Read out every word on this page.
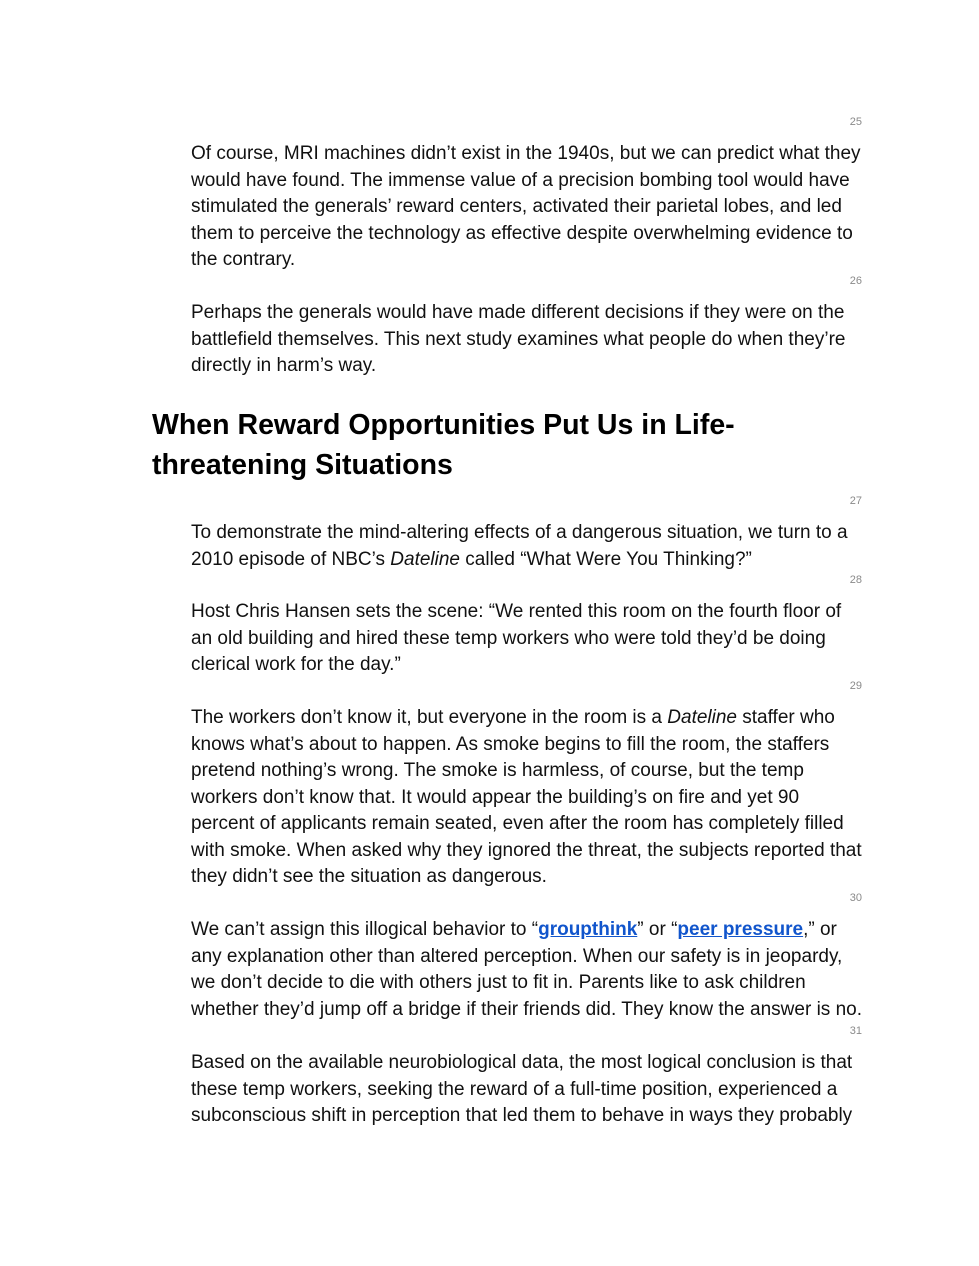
25

Of course, MRI machines didn’t exist in the 1940s, but we can predict what they would have found. The immense value of a precision bombing tool would have stimulated the generals’ reward centers, activated their parietal lobes, and led them to perceive the technology as effective despite overwhelming evidence to the contrary.

26

Perhaps the generals would have made different decisions if they were on the battlefield themselves. This next study examines what people do when they’re directly in harm’s way.

When Reward Opportunities Put Us in Life-threatening Situations
27

To demonstrate the mind-altering effects of a dangerous situation, we turn to a 2010 episode of NBC’s Dateline called “What Were You Thinking?”

28

Host Chris Hansen sets the scene: “We rented this room on the fourth floor of an old building and hired these temp workers who were told they’d be doing clerical work for the day.”

29

The workers don’t know it, but everyone in the room is a Dateline staffer who knows what’s about to happen. As smoke begins to fill the room, the staffers pretend nothing’s wrong. The smoke is harmless, of course, but the temp workers don’t know that. It would appear the building’s on fire and yet 90 percent of applicants remain seated, even after the room has completely filled with smoke. When asked why they ignored the threat, the subjects reported that they didn’t see the situation as dangerous.

30

We can’t assign this illogical behavior to “groupthink” or “peer pressure,” or any explanation other than altered perception. When our safety is in jeopardy, we don’t decide to die with others just to fit in. Parents like to ask children whether they’d jump off a bridge if their friends did. They know the answer is no.

31

Based on the available neurobiological data, the most logical conclusion is that these temp workers, seeking the reward of a full-time position, experienced a subconscious shift in perception that led them to behave in ways they probably
